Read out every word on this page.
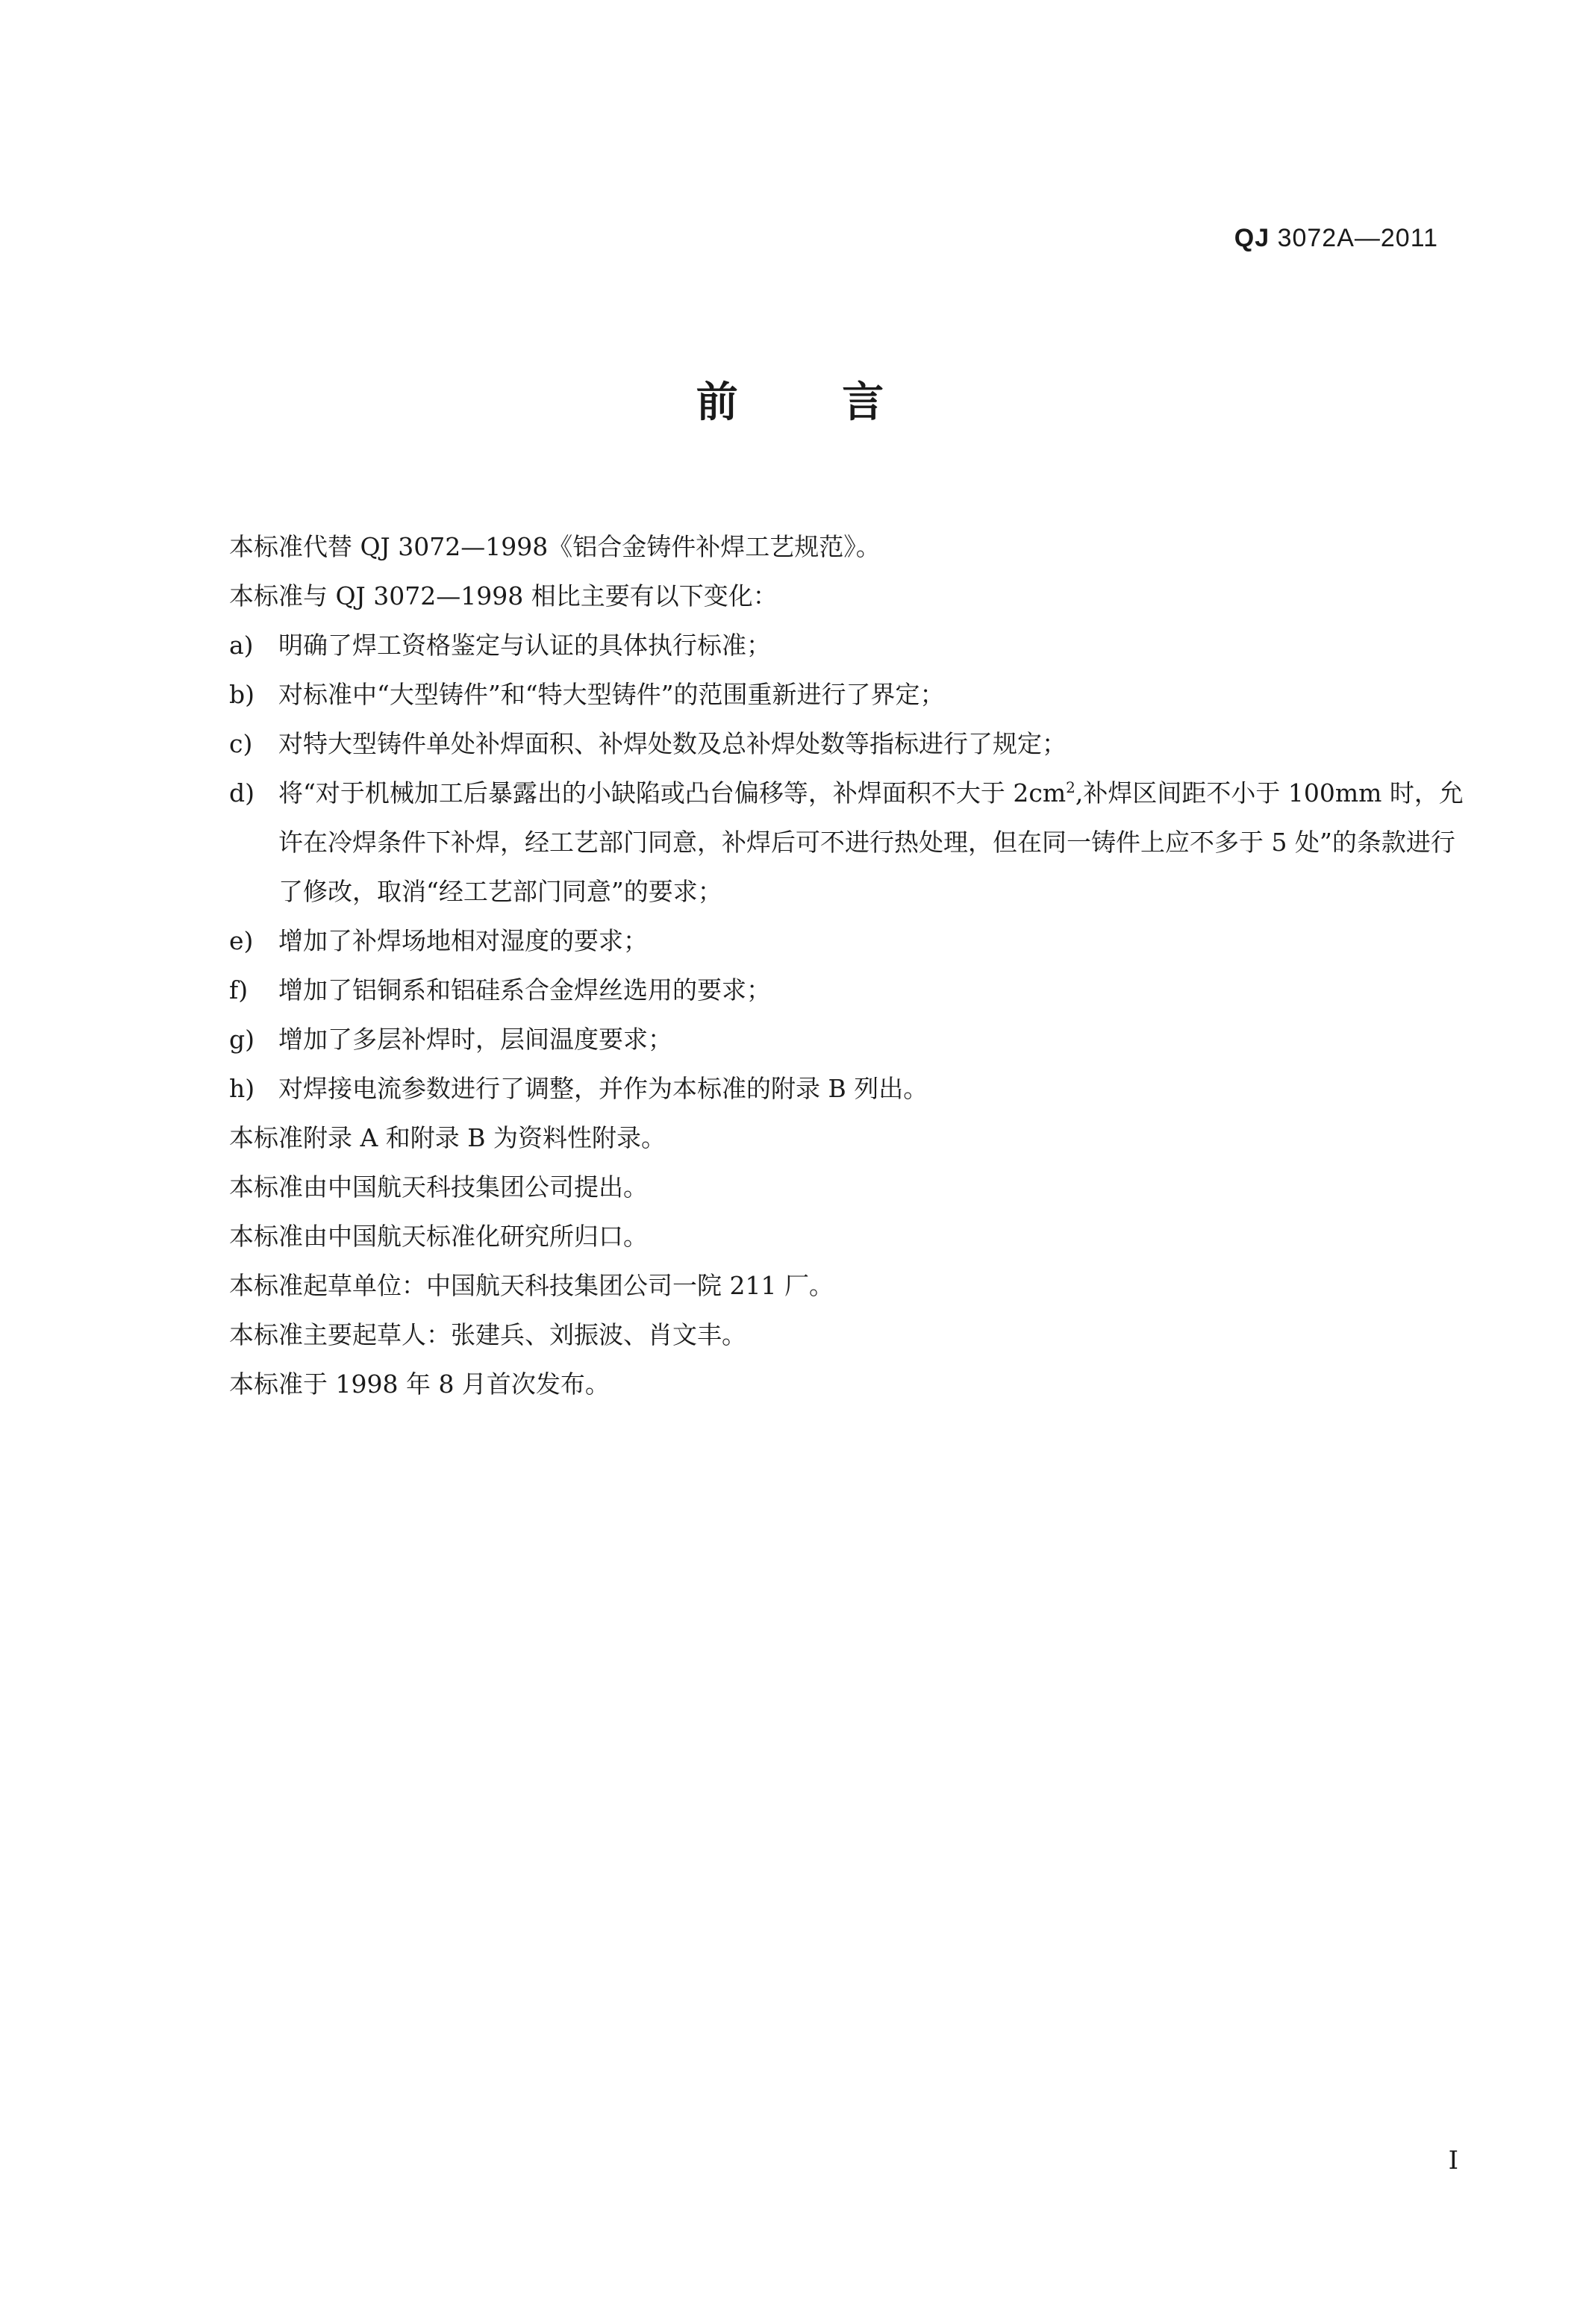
QJ 3072A—2011
前 言
本标准代替 QJ 3072—1998《铝合金铸件补焊工艺规范》。
本标准与 QJ 3072—1998 相比主要有以下变化：
a)	明确了焊工资格鉴定与认证的具体执行标准；
b) 对标准中“大型铸件”和“特大型铸件”的范围重新进行了界定；
c)	对特大型铸件单处补焊面积、补焊处数及总补焊处数等指标进行了规定；
d) 将“对于机械加工后暴露出的小缺陷或凸台偏移等，补焊面积不大于 $2cm^2$,补焊区间距不小于 100mm 时，允许在冷焊条件下补焊，经工艺部门同意，补焊后可不进行热处理，但在同一铸件上应不多于 5 处”的条款进行了修改，取消“经工艺部门同意”的要求；
e)	增加了补焊场地相对湿度的要求；
f)	增加了铝铜系和铝硅系合金焊丝选用的要求；
g) 增加了多层补焊时，层间温度要求；
h) 对焊接电流参数进行了调整，并作为本标准的附录 B 列出。
本标准附录 A 和附录 B 为资料性附录。
本标准由中国航天科技集团公司提出。
本标准由中国航天标准化研究所归口。
本标准起草单位：中国航天科技集团公司一院 211 厂。
本标准主要起草人：张建兵、刘振波、肖文丰。
本标准于 1998 年 8 月首次发布。
I
